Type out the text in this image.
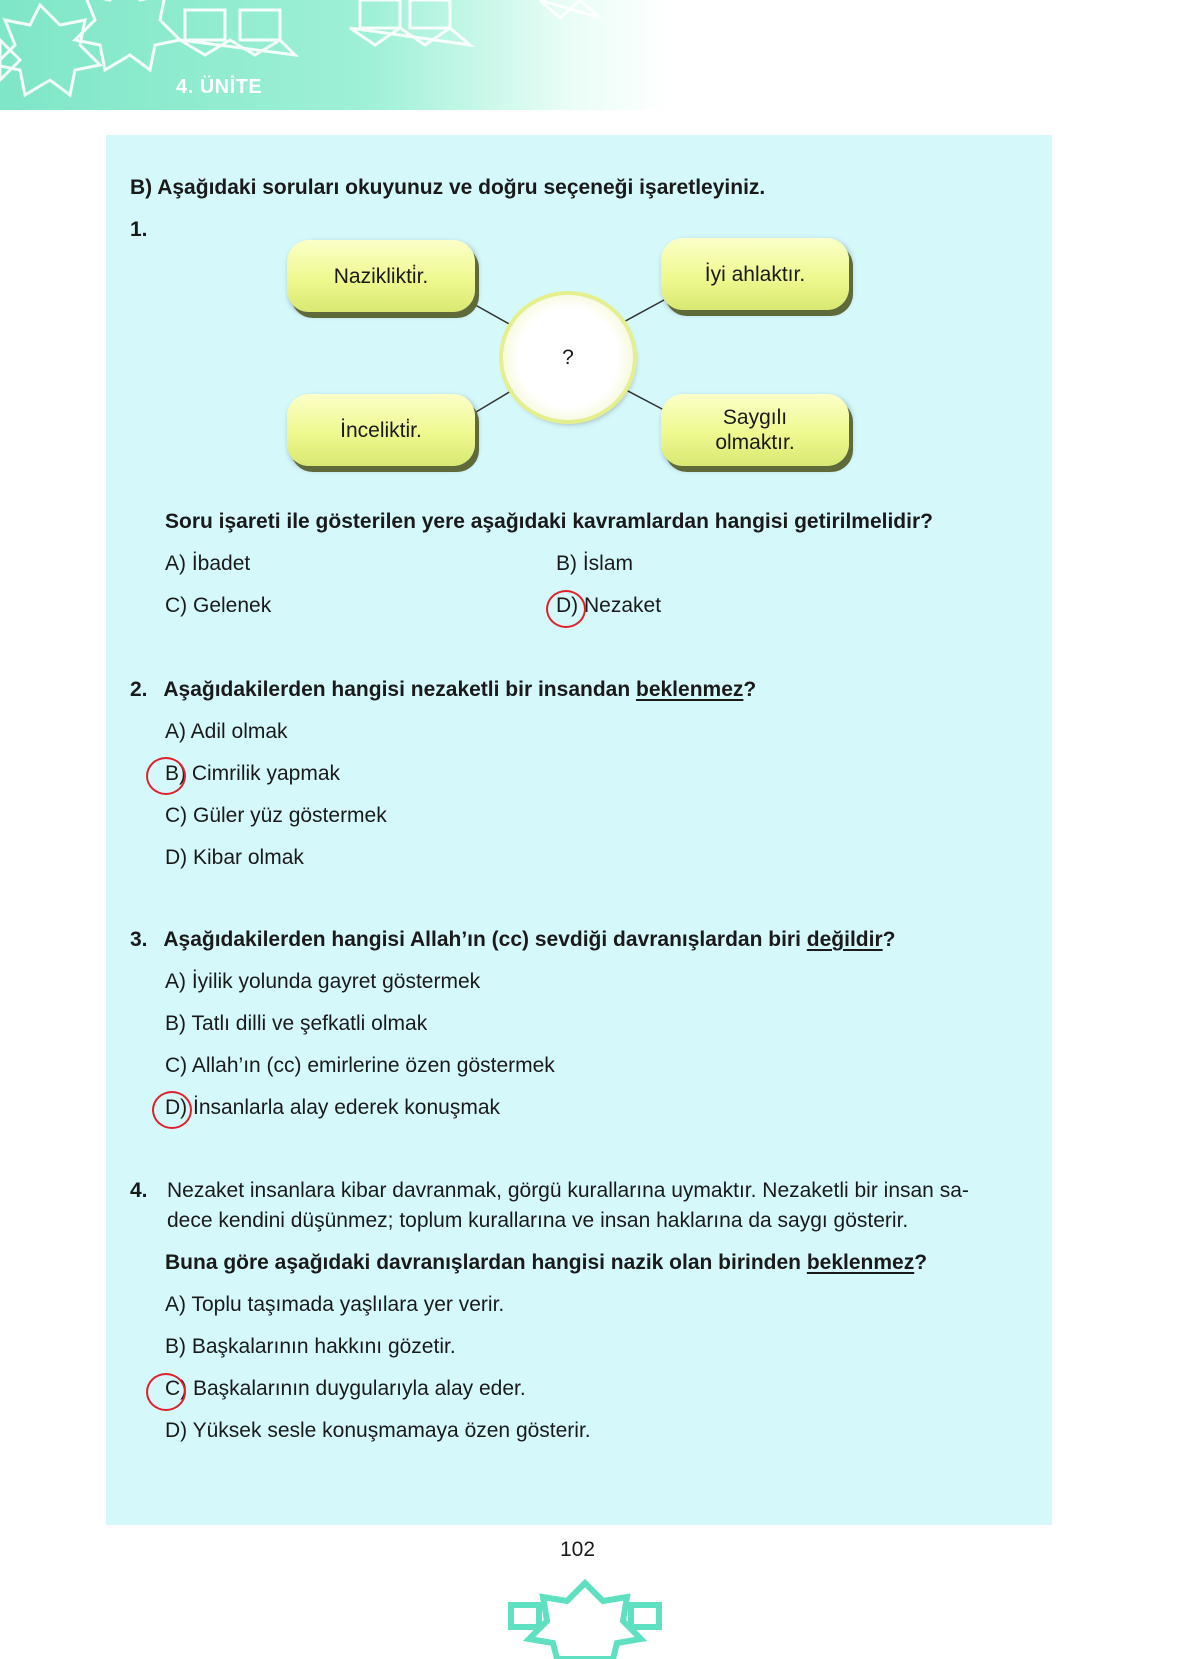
4. ÜNİTE
B) Aşağıdaki soruları okuyunuz ve doğru seçeneği işaretleyiniz.
1.
Naziklikti̇r.	İyi ahlaktır.
İncelikti̇r.
Saygılı
olmaktır.
?
Soru işareti ile gösterilen yere aşağıdaki kavramlardan hangisi getirilmelidir?
A) İbadet	B) İslam
C) Gelenek	D) Nezaket
2. Aşağıdakilerden hangisi nezaketli bir insandan beklenmez?
A) Adil olmak
B) Cimrilik yapmak
C) Güler yüz göstermek
D) Kibar olmak
3. Aşağıdakilerden hangisi Allah’ın (cc) sevdiği davranışlardan biri değildir?
A) İyilik yolunda gayret göstermek
B) Tatlı dilli ve şefkatli olmak
C) Allah’ın (cc) emirlerine özen göstermek
D) İnsanlarla alay ederek konuşmak
4. Nezaket insanlara kibar davranmak, görgü kurallarına uymaktır. Nezaketli bir insan sa-
dece kendini düşünmez; toplum kurallarına ve insan haklarına da saygı gösterir.
Buna göre aşağıdaki davranışlardan hangisi nazik olan birinden beklenmez?
A) Toplu taşımada yaşlılara yer verir.
B) Başkalarının hakkını gözetir.
C) Başkalarının duygularıyla alay eder.
D) Yüksek sesle konuşmamaya özen gösterir.
102
